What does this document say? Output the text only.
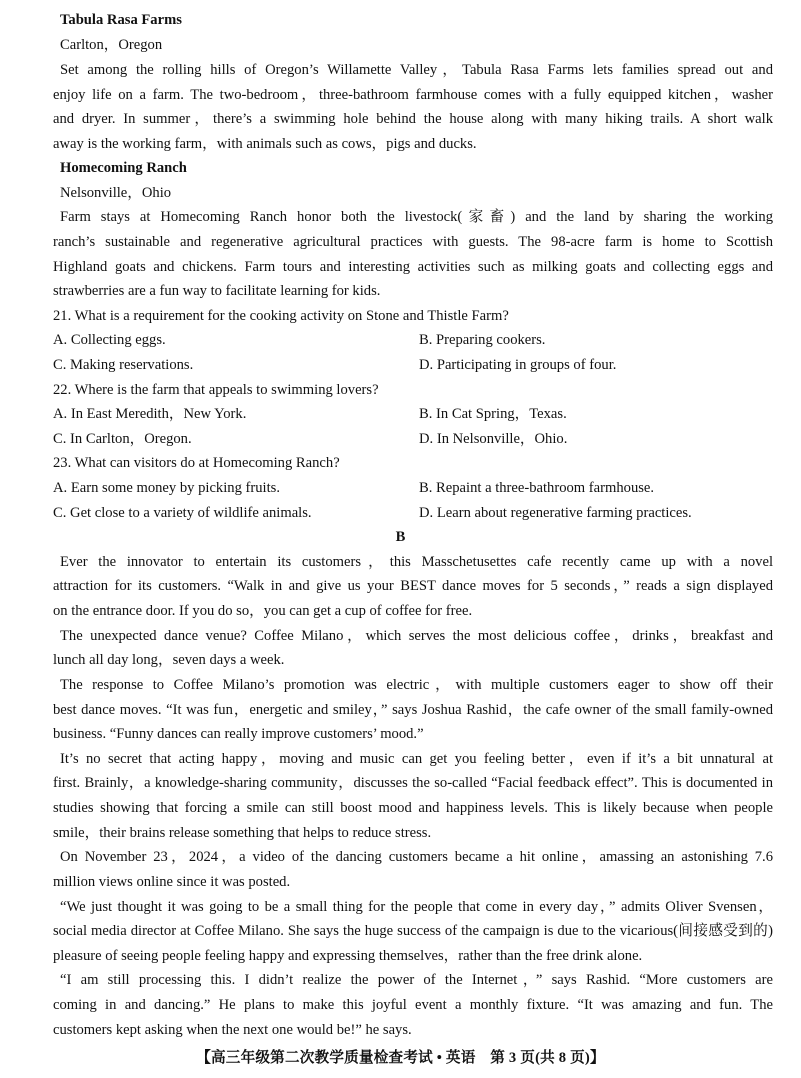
Tabula Rasa Farms
Carlton，Oregon
Set among the rolling hills of Oregon’s Willamette Valley，Tabula Rasa Farms lets families spread out and
enjoy life on a farm. The two-bedroom，three-bathroom farmhouse comes with a fully equipped kitchen，washer
and dryer. In summer，there’s a swimming hole behind the house along with many hiking trails. A short walk
away is the working farm，with animals such as cows，pigs and ducks.
Homecoming Ranch
Nelsonville，Ohio
Farm stays at Homecoming Ranch honor both the livestock(家畜) and the land by sharing the working
ranch’s sustainable and regenerative agricultural practices with guests. The 98-acre farm is home to Scottish
Highland goats and chickens. Farm tours and interesting activities such as milking goats and collecting eggs and
strawberries are a fun way to facilitate learning for kids.
21. What is a requirement for the cooking activity on Stone and Thistle Farm?
A. Collecting eggs.	B. Preparing cookers.
C. Making reservations.	D. Participating in groups of four.
22. Where is the farm that appeals to swimming lovers?
A. In East Meredith，New York.	B. In Cat Spring，Texas.
C. In Carlton，Oregon.	D. In Nelsonville，Ohio.
23. What can visitors do at Homecoming Ranch?
A. Earn some money by picking fruits.	B. Repaint a three-bathroom farmhouse.
C. Get close to a variety of wildlife animals.	D. Learn about regenerative farming practices.
B
Ever the innovator to entertain its customers，this Masschetusettes cafe recently came up with a novel
attraction for its customers. “Walk in and give us your BEST dance moves for 5 seconds，” reads a sign displayed
on the entrance door. If you do so，you can get a cup of coffee for free.
The unexpected dance venue? Coffee Milano，which serves the most delicious coffee，drinks，breakfast and
lunch all day long，seven days a week.
The response to Coffee Milano’s promotion was electric，with multiple customers eager to show off their
best dance moves. “It was fun，energetic and smiley，” says Joshua Rashid，the cafe owner of the small family-owned
business. “Funny dances can really improve customers’ mood.”
It’s no secret that acting happy，moving and music can get you feeling better，even if it’s a bit unnatural at
first. Brainly，a knowledge-sharing community，discusses the so-called “Facial feedback effect”. This is documented in
studies showing that forcing a smile can still boost mood and happiness levels. This is likely because when people
smile，their brains release something that helps to reduce stress.
On November 23，2024，a video of the dancing customers became a hit online，amassing an astonishing 7.6
million views online since it was posted.
“We just thought it was going to be a small thing for the people that come in every day，” admits Oliver Svensen，
social media director at Coffee Milano. She says the huge success of the campaign is due to the vicarious(间接感受到的)
pleasure of seeing people feeling happy and expressing themselves，rather than the free drink alone.
“I am still processing this. I didn’t realize the power of the Internet，” says Rashid. “More customers are
coming in and dancing.” He plans to make this joyful event a monthly fixture. “It was amazing and fun. The
customers kept asking when the next one would be!” he says.
【高三年级第二次教学质量检查考试 • 英语　第 3 页(共 8 页)】
